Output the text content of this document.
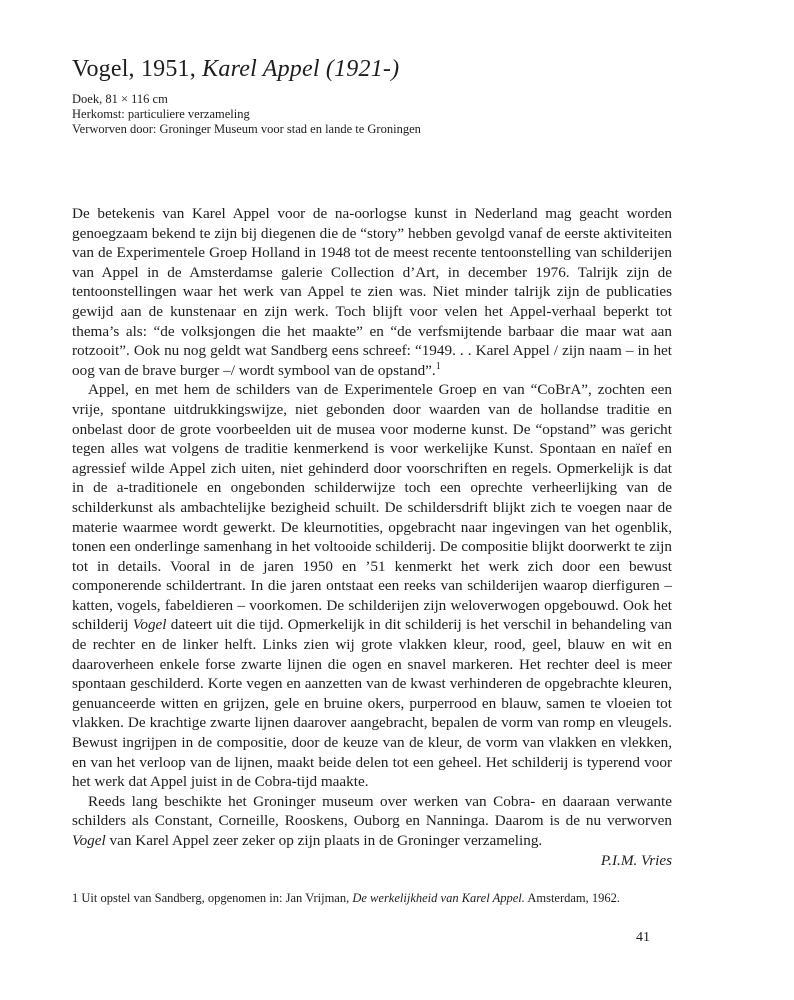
Vogel, 1951, Karel Appel (1921-)
Doek, 81 × 116 cm
Herkomst: particuliere verzameling
Verworven door: Groninger Museum voor stad en lande te Groningen

De betekenis van Karel Appel voor de na-oorlogse kunst in Nederland mag geacht worden genoegzaam bekend te zijn bij diegenen die de “story” hebben gevolgd vanaf de eerste aktiviteiten van de Experimentele Groep Holland in 1948 tot de meest recente tentoonstelling van schilderijen van Appel in de Amsterdamse galerie Collection d’Art, in december 1976. Talrijk zijn de tentoonstellingen waar het werk van Appel te zien was. Niet minder talrijk zijn de publicaties gewijd aan de kunstenaar en zijn werk. Toch blijft voor velen het Appel-verhaal beperkt tot thema’s als: “de volksjongen die het maakte” en “de verfsmijtende barbaar die maar wat aan rotzooit”. Ook nu nog geldt wat Sandberg eens schreef: “1949. . . Karel Appel / zijn naam – in het oog van de brave burger –/ wordt symbool van de opstand”.$^1$

Appel, en met hem de schilders van de Experimentele Groep en van “CoBrA”, zochten een vrije, spontane uitdrukkingswijze, niet gebonden door waarden van de hollandse traditie en onbelast door de grote voorbeelden uit de musea voor moderne kunst. De “opstand” was gericht tegen alles wat volgens de traditie kenmerkend is voor werkelijke Kunst. Spontaan en naïef en agressief wilde Appel zich uiten, niet gehinderd door voorschriften en regels. Opmerkelijk is dat in de a-traditionele en ongebonden schilderwijze toch een oprechte verheerlijking van de schilderkunst als ambachtelijke bezigheid schuilt. De schildersdrift blijkt zich te voegen naar de materie waarmee wordt gewerkt. De kleurnotities, opgebracht naar ingevingen van het ogenblik, tonen een onderlinge samenhang in het voltooide schilderij. De compositie blijkt doorwerkt te zijn tot in details. Vooral in de jaren 1950 en ’51 kenmerkt het werk zich door een bewust componerende schildertrant. In die jaren ontstaat een reeks van schilderijen waarop dierfiguren – katten, vogels, fabeldieren – voorkomen. De schilderijen zijn weloverwogen opgebouwd. Ook het schilderij Vogel dateert uit die tijd. Opmerkelijk in dit schilderij is het verschil in behandeling van de rechter en de linker helft. Links zien wij grote vlakken kleur, rood, geel, blauw en wit en daaroverheen enkele forse zwarte lijnen die ogen en snavel markeren. Het rechter deel is meer spontaan geschilderd. Korte vegen en aanzetten van de kwast verhinderen de opgebrachte kleuren, genuanceerde witten en grijzen, gele en bruine okers, purperrood en blauw, samen te vloeien tot vlakken. De krachtige zwarte lijnen daarover aangebracht, bepalen de vorm van romp en vleugels. Bewust ingrijpen in de compositie, door de keuze van de kleur, de vorm van vlakken en vlekken, en van het verloop van de lijnen, maakt beide delen tot een geheel. Het schilderij is typerend voor het werk dat Appel juist in de Cobra-tijd maakte.

Reeds lang beschikte het Groninger museum over werken van Cobra- en daaraan verwante schilders als Constant, Corneille, Rooskens, Ouborg en Nanninga. Daarom is de nu verworven Vogel van Karel Appel zeer zeker op zijn plaats in de Groninger verzameling.

P.I.M. Vries

1 Uit opstel van Sandberg, opgenomen in: Jan Vrijman, De werkelijkheid van Karel Appel. Amsterdam, 1962.
41
